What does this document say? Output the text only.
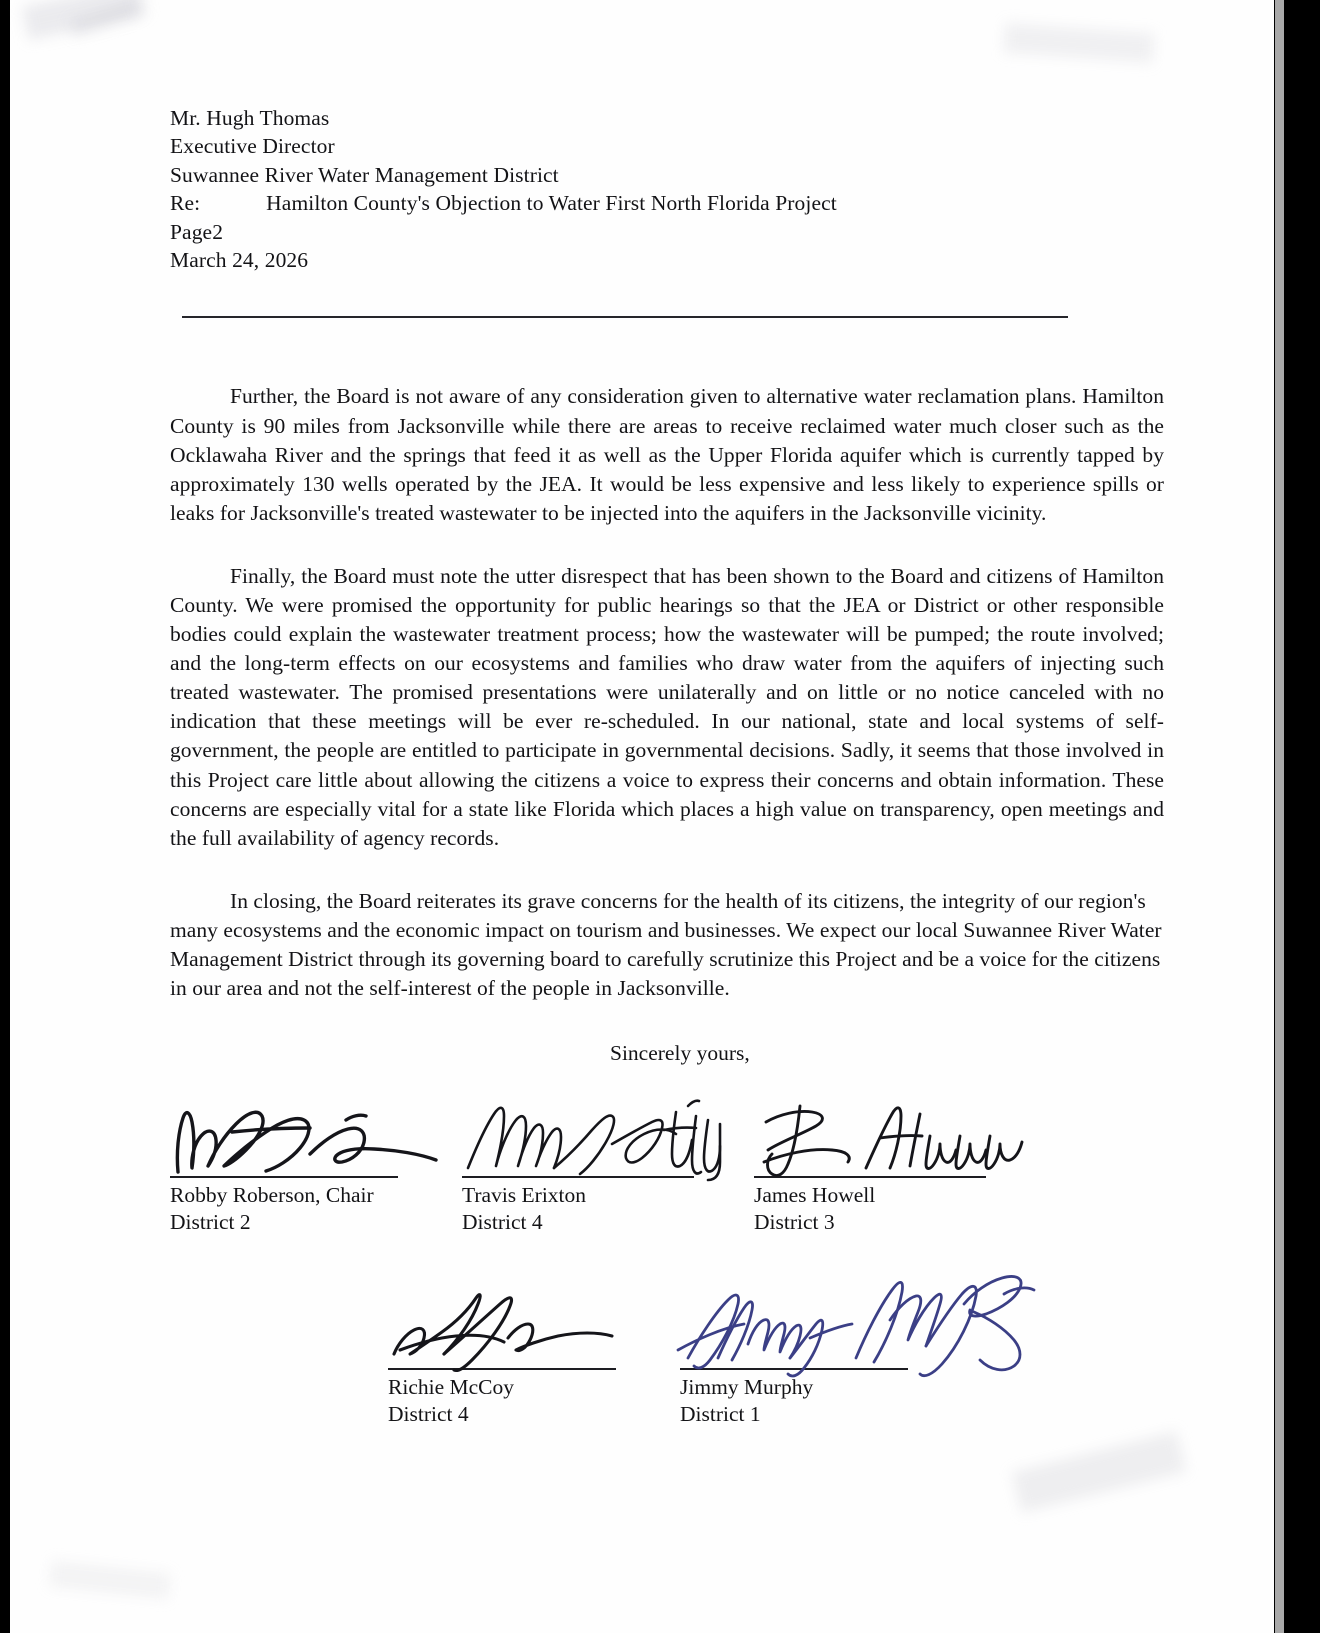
Mr. Hugh Thomas
Executive Director
Suwannee River Water Management District
Re:	Hamilton County's Objection to Water First North Florida Project
Page2
March 24, 2026

Further, the Board is not aware of any consideration given to alternative water reclamation plans. Hamilton County is 90 miles from Jacksonville while there are areas to receive reclaimed water much closer such as the Ocklawaha River and the springs that feed it as well as the Upper Florida aquifer which is currently tapped by approximately 130 wells operated by the JEA. It would be less expensive and less likely to experience spills or leaks for Jacksonville's treated wastewater to be injected into the aquifers in the Jacksonville vicinity.

Finally, the Board must note the utter disrespect that has been shown to the Board and citizens of Hamilton County. We were promised the opportunity for public hearings so that the JEA or District or other responsible bodies could explain the wastewater treatment process; how the wastewater will be pumped; the route involved; and the long-term effects on our ecosystems and families who draw water from the aquifers of injecting such treated wastewater. The promised presentations were unilaterally and on little or no notice canceled with no indication that these meetings will be ever re-scheduled. In our national, state and local systems of self-government, the people are entitled to participate in governmental decisions. Sadly, it seems that those involved in this Project care little about allowing the citizens a voice to express their concerns and obtain information. These concerns are especially vital for a state like Florida which places a high value on transparency, open meetings and the full availability of agency records.

In closing, the Board reiterates its grave concerns for the health of its citizens, the integrity of our region's many ecosystems and the economic impact on tourism and businesses. We expect our local Suwannee River Water Management District through its governing board to carefully scrutinize this Project and be a voice for the citizens in our area and not the self-interest of the people in Jacksonville.

Sincerely yours,
Robby Roberson, Chair
District 2
Travis Erixton
District 4
James Howell
District 3
Richie McCoy
District 4
Jimmy Murphy
District 1
